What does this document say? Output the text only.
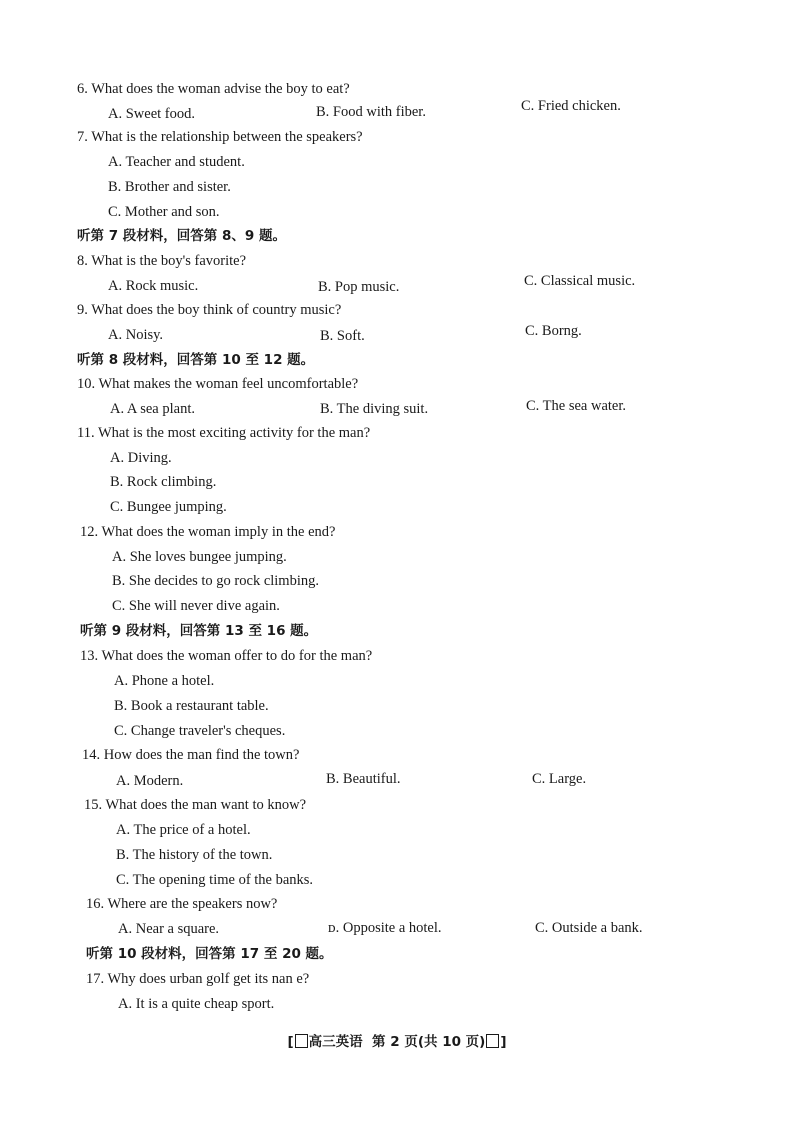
6. What does the woman advise the boy to eat?
A. Sweet food.	B. Food with fiber.	C. Fried chicken.
7. What is the relationship between the speakers?
A. Teacher and student.
B. Brother and sister.
C. Mother and son.
听第 7 段材料，回答第 8、9 题。
8. What is the boy's favorite?
A. Rock music.	B. Pop music.	C. Classical music.
9. What does the boy think of country music?
A. Noisy.	B. Soft.	C. Borng.
听第 8 段材料，回答第 10 至 12 题。
10. What makes the woman feel uncomfortable?
A. A sea plant.	B. The diving suit.	C. The sea water.
11. What is the most exciting activity for the man?
A. Diving.
B. Rock climbing.
C. Bungee jumping.
12. What does the woman imply in the end?
A. She loves bungee jumping.
B. She decides to go rock climbing.
C. She will never dive again.
听第 9 段材料，回答第 13 至 16 题。
13. What does the woman offer to do for the man?
A. Phone a hotel.
B. Book a restaurant table.
C. Change traveler's cheques.
14. How does the man find the town?
A. Modern.	B. Beautiful.	C. Large.
15. What does the man want to know?
A. The price of a hotel.
B. The history of the town.
C. The opening time of the banks.
16. Where are the speakers now?
A. Near a square.	ᴅ. Opposite a hotel.	C. Outside a bank.
听第 10 段材料，回答第 17 至 20 题。
17. Why does urban golf get its nan e?
A. It is a quite cheap sport.
[ 高三英语 第 2 页(共 10 页) ]
